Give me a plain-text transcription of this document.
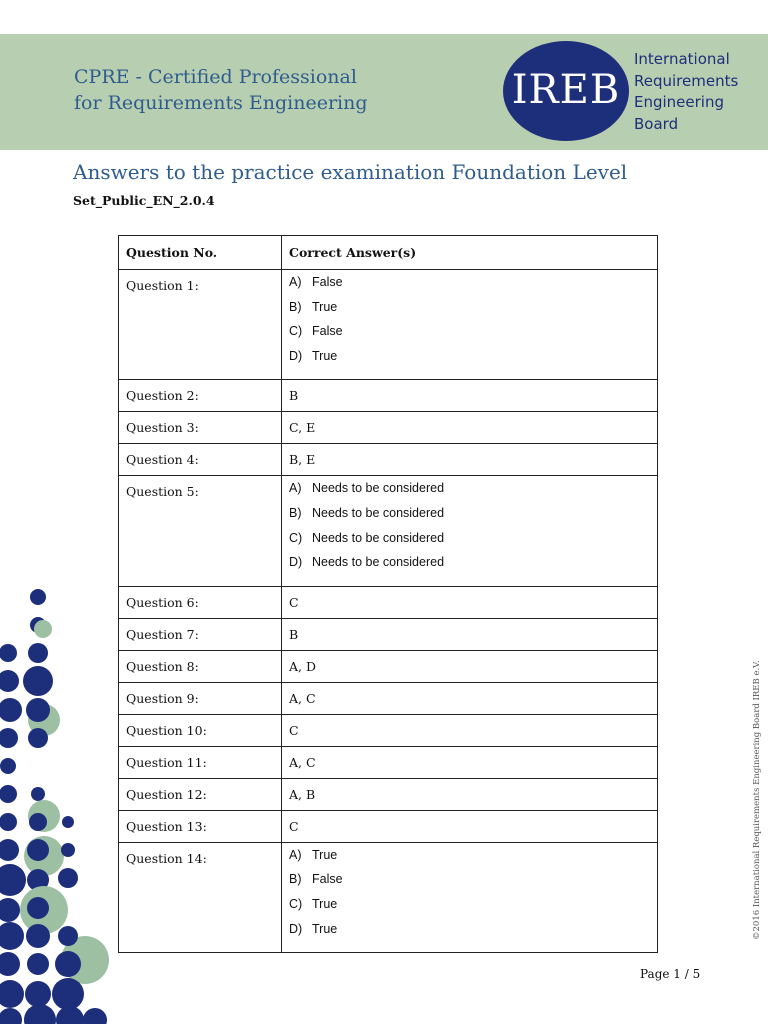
CPRE - Certified Professional
for Requirements Engineering	IREB
International
Requirements
Engineering
Board
Answers to the practice examination Foundation Level
Set_Public_EN_2.0.4
Question No.	Correct Answer(s)
Question 1:	A) False
B) True
C) False
D) True

Question 2:	B
Question 3:	C, E
Question 4:	B, E
Question 5:	A) Needs to be considered
B) Needs to be considered
C) Needs to be considered
D) Needs to be considered

Question 6:	C
Question 7:	B
Question 8:	A, D
Question 9:	A, C
Question 10:	C
Question 11:	A, C
Question 12:	A, B
Question 13:	C
Question 14:	A) True
B) False
C) True
D) True	©2016 International Requirements Engineering Board IREB e.V.
Page 1 / 5
